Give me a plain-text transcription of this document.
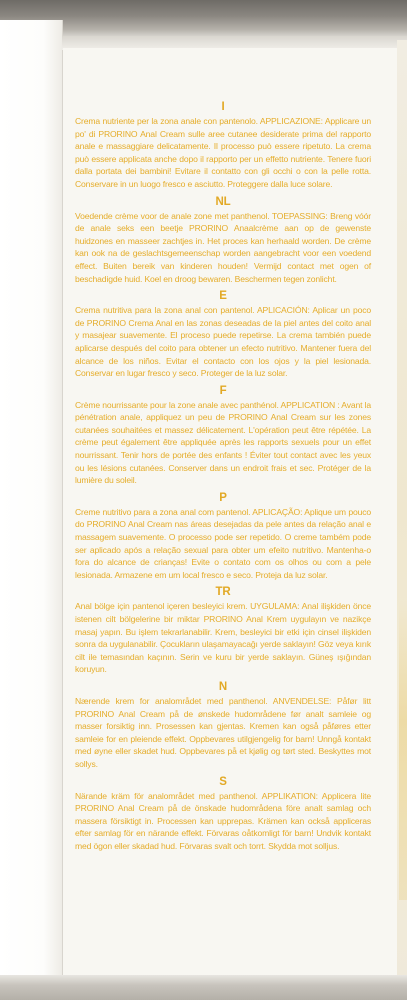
I
Crema nutriente per la zona anale con pantenolo. APPLICAZIONE: Applicare un po' di PRORINO Anal Cream sulle aree cutanee desiderate prima del rapporto anale e massaggiare delicatamente. Il processo può essere ripetuto. La crema può essere applicata anche dopo il rapporto per un effetto nutriente. Tenere fuori dalla portata dei bambini! Evitare il contatto con gli occhi o con la pelle rotta. Conservare in un luogo fresco e asciutto. Proteggere dalla luce solare.
NL
Voedende crème voor de anale zone met panthenol. TOEPASSING: Breng vóór de anale seks een beetje PRORINO Anaalcrème aan op de gewenste huidzones en masseer zachtjes in. Het proces kan herhaald worden. De crème kan ook na de geslachtsgemeenschap worden aangebracht voor een voedend effect. Buiten bereik van kinderen houden! Vermijd contact met ogen of beschadigde huid. Koel en droog bewaren. Beschermen tegen zonlicht.
E
Crema nutritiva para la zona anal con pantenol. APLICACIÓN: Aplicar un poco de PRORINO Crema Anal en las zonas deseadas de la piel antes del coito anal y masajear suavemente. El proceso puede repetirse. La crema también puede aplicarse después del coito para obtener un efecto nutritivo. Mantener fuera del alcance de los niños. Evitar el contacto con los ojos y la piel lesionada. Conservar en lugar fresco y seco. Proteger de la luz solar.
F
Crème nourrissante pour la zone anale avec panthénol. APPLICATION : Avant la pénétration anale, appliquez un peu de PRORINO Anal Cream sur les zones cutanées souhaitées et massez délicatement. L'opération peut être répétée. La crème peut également être appliquée après les rapports sexuels pour un effet nourrissant. Tenir hors de portée des enfants ! Éviter tout contact avec les yeux ou les lésions cutanées. Conserver dans un endroit frais et sec. Protéger de la lumière du soleil.
P
Creme nutritivo para a zona anal com pantenol. APLICAÇÃO: Aplique um pouco do PRORINO Anal Cream nas áreas desejadas da pele antes da relação anal e massagem suavemente. O processo pode ser repetido. O creme também pode ser aplicado após a relação sexual para obter um efeito nutritivo. Mantenha-o fora do alcance de crianças! Evite o contato com os olhos ou com a pele lesionada. Armazene em um local fresco e seco. Proteja da luz solar.
TR
Anal bölge için pantenol içeren besleyici krem. UYGULAMA: Anal ilişkiden önce istenen cilt bölgelerine bir miktar PRORINO Anal Krem uygulayın ve nazikçe masaj yapın. Bu işlem tekrarlanabilir. Krem, besleyici bir etki için cinsel ilişkiden sonra da uygulanabilir. Çocukların ulaşamayacağı yerde saklayın! Göz veya kırık cilt ile temasından kaçının. Serin ve kuru bir yerde saklayın. Güneş ışığından koruyun.
N
Nærende krem for analområdet med panthenol. ANVENDELSE: Påfør litt PRORINO Anal Cream på de ønskede hudområdene før analt samleie og masser forsiktig inn. Prosessen kan gjentas. Kremen kan også påføres etter samleie for en pleiende effekt. Oppbevares utilgjengelig for barn! Unngå kontakt med øyne eller skadet hud. Oppbevares på et kjølig og tørt sted. Beskyttes mot sollys.
S
Närande kräm för analområdet med panthenol. APPLIKATION: Applicera lite PRORINO Anal Cream på de önskade hudområdena före analt samlag och massera försiktigt in. Processen kan upprepas. Krämen kan också appliceras efter samlag för en närande effekt. Förvaras oåtkomligt för barn! Undvik kontakt med ögon eller skadad hud. Förvaras svalt och torrt. Skydda mot solljus.
